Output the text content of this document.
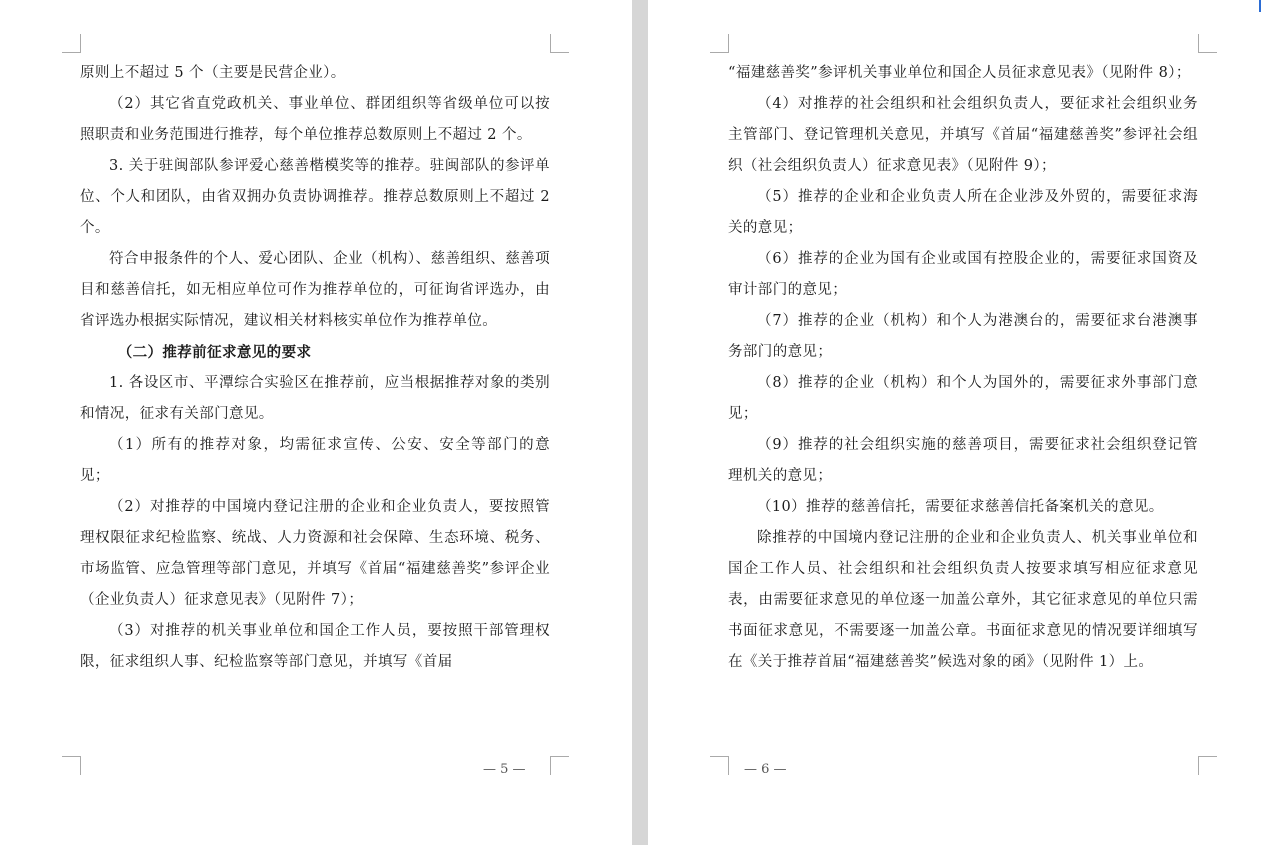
原则上不超过 5 个（主要是民营企业）。

（2）其它省直党政机关、事业单位、群团组织等省级单位可以按照职责和业务范围进行推荐，每个单位推荐总数原则上不超过 2 个。

3. 关于驻闽部队参评爱心慈善楷模奖等的推荐。驻闽部队的参评单位、个人和团队，由省双拥办负责协调推荐。推荐总数原则上不超过 2 个。

符合申报条件的个人、爱心团队、企业（机构）、慈善组织、慈善项目和慈善信托，如无相应单位可作为推荐单位的，可征询省评选办，由省评选办根据实际情况，建议相关材料核实单位作为推荐单位。

（二）推荐前征求意见的要求

1. 各设区市、平潭综合实验区在推荐前，应当根据推荐对象的类别和情况，征求有关部门意见。

（1）所有的推荐对象，均需征求宣传、公安、安全等部门的意见；

（2）对推荐的中国境内登记注册的企业和企业负责人，要按照管理权限征求纪检监察、统战、人力资源和社会保障、生态环境、税务、市场监管、应急管理等部门意见，并填写《首届“福建慈善奖”参评企业（企业负责人）征求意见表》（见附件 7）；

（3）对推荐的机关事业单位和国企工作人员，要按照干部管理权限，征求组织人事、纪检监察等部门意见，并填写《首届

— 5 —

“福建慈善奖”参评机关事业单位和国企人员征求意见表》（见附件 8）；

（4）对推荐的社会组织和社会组织负责人，要征求社会组织业务主管部门、登记管理机关意见，并填写《首届“福建慈善奖”参评社会组织（社会组织负责人）征求意见表》（见附件 9）；

（5）推荐的企业和企业负责人所在企业涉及外贸的，需要征求海关的意见；

（6）推荐的企业为国有企业或国有控股企业的，需要征求国资及审计部门的意见；

（7）推荐的企业（机构）和个人为港澳台的，需要征求台港澳事务部门的意见；

（8）推荐的企业（机构）和个人为国外的，需要征求外事部门意见；

（9）推荐的社会组织实施的慈善项目，需要征求社会组织登记管理机关的意见；

（10）推荐的慈善信托，需要征求慈善信托备案机关的意见。

除推荐的中国境内登记注册的企业和企业负责人、机关事业单位和国企工作人员、社会组织和社会组织负责人按要求填写相应征求意见表，由需要征求意见的单位逐一加盖公章外，其它征求意见的单位只需书面征求意见，不需要逐一加盖公章。书面征求意见的情况要详细填写在《关于推荐首届“福建慈善奖”候选对象的函》（见附件 1）上。

— 6 —
